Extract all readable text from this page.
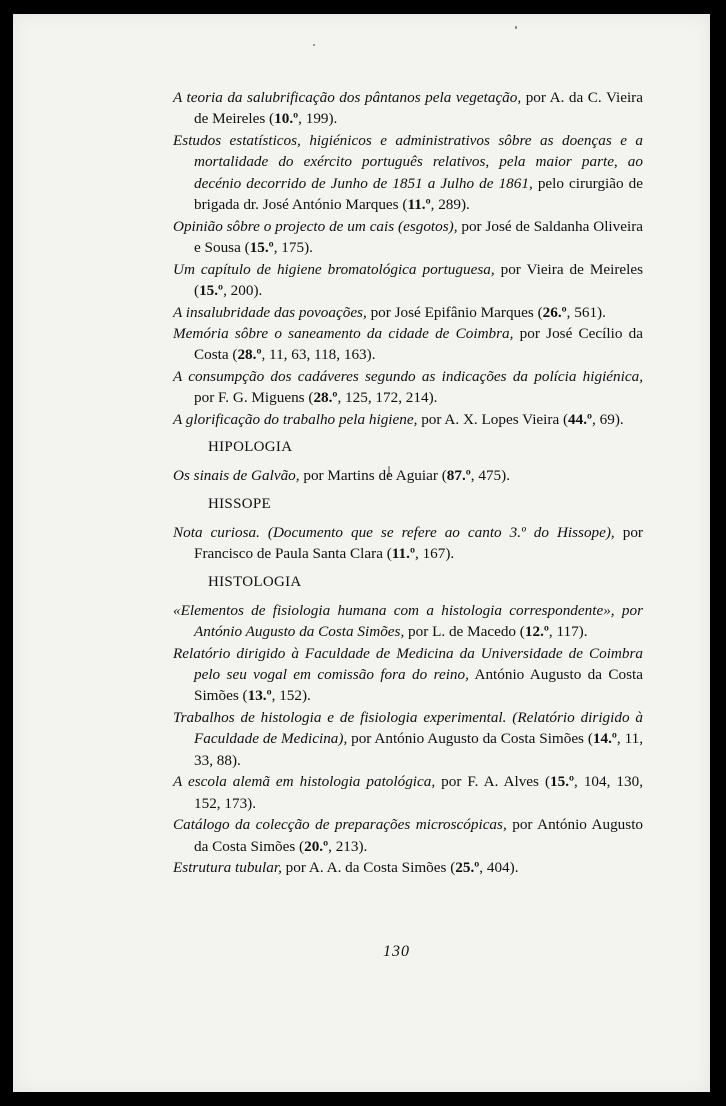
A teoria da salubrificação dos pântanos pela vegetação, por A. da C. Vieira de Meireles (10.º, 199).

Estudos estatísticos, higiénicos e administrativos sôbre as doenças e a mortalidade do exército português relativos, pela maior parte, ao decénio decorrido de Junho de 1851 a Julho de 1861, pelo cirurgião de brigada dr. José António Marques (11.º, 289).

Opinião sôbre o projecto de um cais (esgotos), por José de Saldanha Oliveira e Sousa (15.º, 175).

Um capítulo de higiene bromatológica portuguesa, por Vieira de Meireles (15.º, 200).

A insalubridade das povoações, por José Epifânio Marques (26.º, 561).

Memória sôbre o saneamento da cidade de Coimbra, por José Cecílio da Costa (28.º, 11, 63, 118, 163).

A consumpção dos cadáveres segundo as indicações da polícia higiénica, por F. G. Miguens (28.º, 125, 172, 214).

A glorificação do trabalho pela higiene, por A. X. Lopes Vieira (44.º, 69).

HIPOLOGIA

Os sinais de Galvão, por Martins de Aguiar (87.º, 475).

HISSOPE

Nota curiosa. (Documento que se refere ao canto 3.º do Hissope), por Francisco de Paula Santa Clara (11.º, 167).

HISTOLOGIA

«Elementos de fisiologia humana com a histologia correspondente», por António Augusto da Costa Simões, por L. de Macedo (12.º, 117).

Relatório dirigido à Faculdade de Medicina da Universidade de Coimbra pelo seu vogal em comissão fora do reino, António Augusto da Costa Simões (13.º, 152).

Trabalhos de histologia e de fisiologia experimental. (Relatório dirigido à Faculdade de Medicina), por António Augusto da Costa Simões (14.º, 11, 33, 88).

A escola alemã em histologia patológica, por F. A. Alves (15.º, 104, 130, 152, 173).

Catálogo da colecção de preparações microscópicas, por António Augusto da Costa Simões (20.º, 213).

Estrutura tubular, por A. A. da Costa Simões (25.º, 404).

130
